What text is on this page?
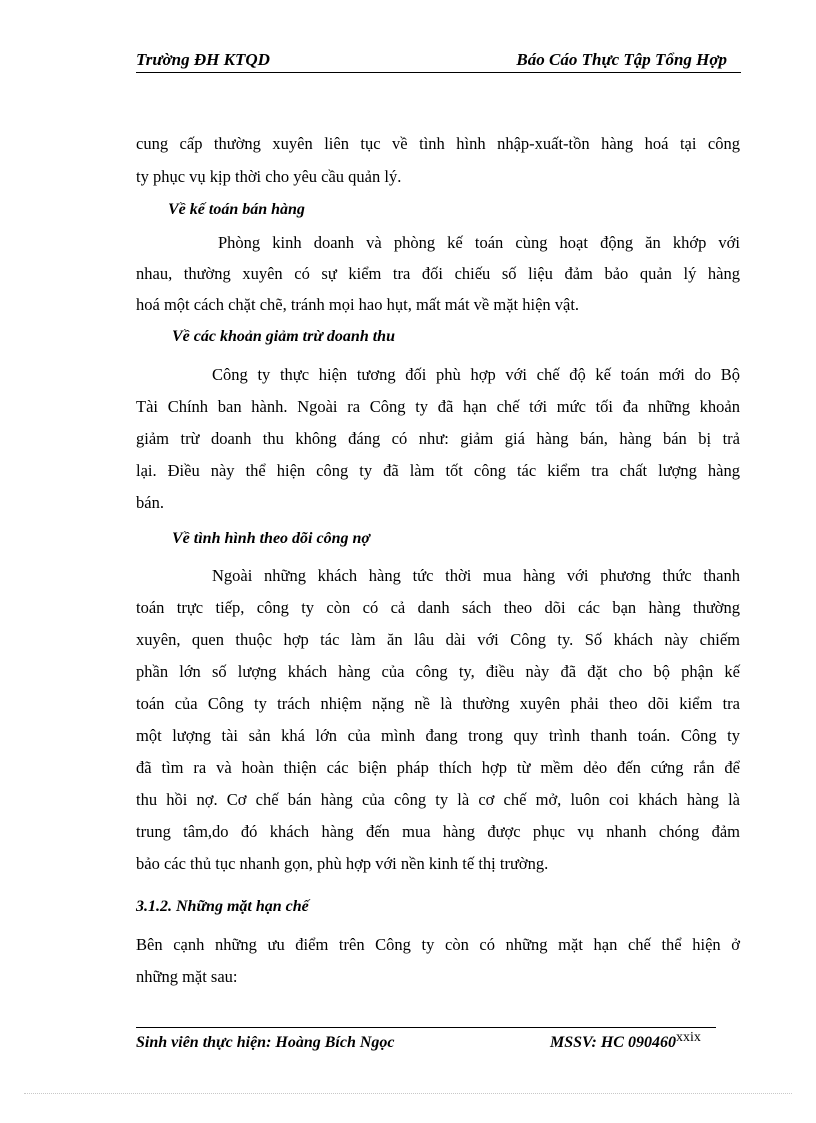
Trường ĐH KTQD	Báo Cáo Thực Tập Tổng Hợp
cung cấp thường xuyên liên tục về tình hình nhập-xuất-tồn hàng hoá tại công
ty phục vụ kịp thời cho yêu cầu quản lý.
Về kế toán bán hàng
Phòng kinh doanh và phòng kế toán cùng hoạt động ăn khớp với
nhau, thường xuyên có sự kiểm tra đối chiếu số liệu đảm bảo quản lý hàng
hoá một cách chặt chẽ, tránh mọi hao hụt, mất mát về mặt hiện vật.
Về các khoản giảm trừ doanh thu
Công ty thực hiện tương đối phù hợp với chế độ kế toán mới do Bộ
Tài Chính ban hành. Ngoài ra Công ty đã hạn chế tới mức tối đa những khoản
giảm trừ doanh thu không đáng có như: giảm giá hàng bán, hàng bán bị trả
lại. Điều này thể hiện công ty đã làm tốt công tác kiểm tra chất lượng hàng
bán.
Về tình hình theo dõi công nợ
Ngoài những khách hàng tức thời mua hàng với phương thức thanh
toán trực tiếp, công ty còn có cả danh sách theo dõi các bạn hàng thường
xuyên, quen thuộc hợp tác làm ăn lâu dài với Công ty. Số khách này chiếm
phần lớn số lượng khách hàng của công ty, điều này đã đặt cho bộ phận kế
toán của Công ty trách nhiệm nặng nề là thường xuyên phải theo dõi kiểm tra
một lượng tài sản khá lớn của mình đang trong quy trình thanh toán. Công ty
đã tìm ra và hoàn thiện các biện pháp thích hợp từ mềm dẻo đến cứng rắn để
thu hồi nợ. Cơ chế bán hàng của công ty là cơ chế mở, luôn coi khách hàng là
trung tâm,do đó khách hàng đến mua hàng được phục vụ nhanh chóng đảm
bảo các thủ tục nhanh gọn, phù hợp với nền kinh tế thị trường.
3.1.2. Những mặt hạn chế
Bên cạnh những ưu điểm trên Công ty còn có những mặt hạn chế thể hiện ở
những mặt sau:
Sinh viên thực hiện: Hoàng Bích Ngọc	MSSV: HC 090460xxix
